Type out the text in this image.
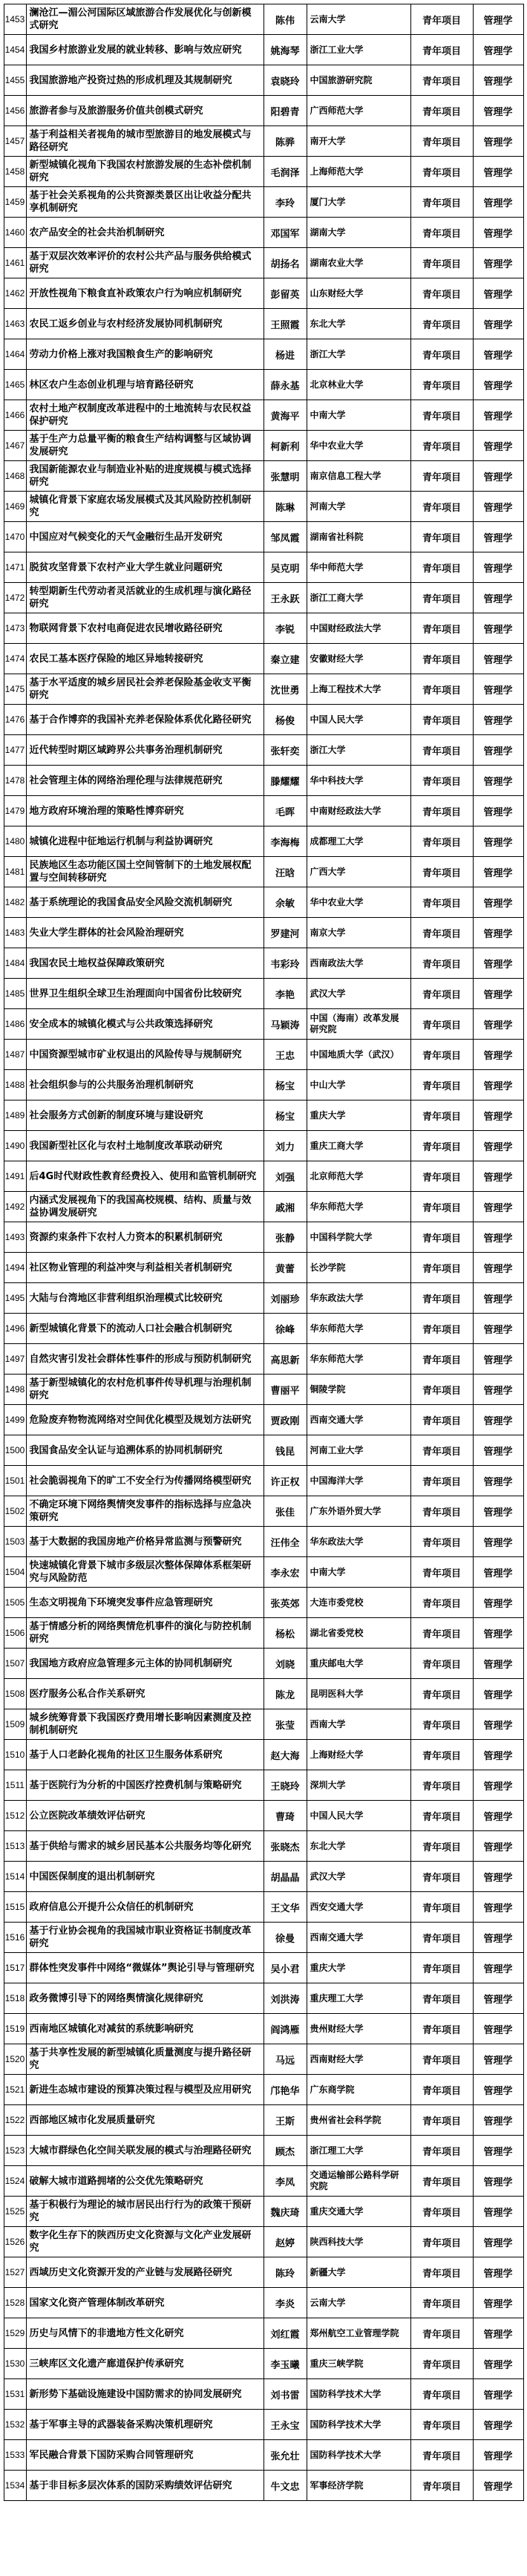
1453	澜沧江—湄公河国际区域旅游合作发展优化与创新模式研究	陈伟	云南大学	青年项目	管理学
1454	我国乡村旅游业发展的就业转移、影响与效应研究	姚海琴	浙江工业大学	青年项目	管理学
1455	我国旅游地产投资过热的形成机理及其规制研究	袁晓玲	中国旅游研究院	青年项目	管理学
1456	旅游者参与及旅游服务价值共创模式研究	阳碧青	广西师范大学	青年项目	管理学
1457	基于利益相关者视角的城市型旅游目的地发展模式与路径研究	陈骅	南开大学	青年项目	管理学
1458	新型城镇化视角下我国农村旅游发展的生态补偿机制研究	毛润泽	上海师范大学	青年项目	管理学
1459	基于社会关系视角的公共资源类景区出让收益分配共享机制研究	李玲	厦门大学	青年项目	管理学
1460	农产品安全的社会共治机制研究	邓国军	湖南大学	青年项目	管理学
1461	基于双层次效率评价的农村公共产品与服务供给模式研究	胡扬名	湖南农业大学	青年项目	管理学
1462	开放性视角下粮食直补政策农户行为响应机制研究	彭留英	山东财经大学	青年项目	管理学
1463	农民工返乡创业与农村经济发展协同机制研究	王照霞	东北大学	青年项目	管理学
1464	劳动力价格上涨对我国粮食生产的影响研究	杨进	浙江大学	青年项目	管理学
1465	林区农户生态创业机理与培育路径研究	薛永基	北京林业大学	青年项目	管理学
1466	农村土地产权制度改革进程中的土地流转与农民权益保护研究	黄海平	中南大学	青年项目	管理学
1467	基于生产力总量平衡的粮食生产结构调整与区域协调发展研究	柯新利	华中农业大学	青年项目	管理学
1468	我国新能源农业与制造业补贴的进度规模与模式选择研究	张慧明	南京信息工程大学	青年项目	管理学
1469	城镇化背景下家庭农场发展模式及其风险防控机制研究	陈琳	河南大学	青年项目	管理学
1470	中国应对气候变化的天气金融衍生品开发研究	邹凤霞	湖南省社科院	青年项目	管理学
1471	脱贫攻坚背景下农村产业大学生就业问题研究	吴克明	华中师范大学	青年项目	管理学
1472	转型期新生代劳动者灵活就业的生成机理与演化路径研究	王永跃	浙江工商大学	青年项目	管理学
1473	物联网背景下农村电商促进农民增收路径研究	李锐	中国财经政法大学	青年项目	管理学
1474	农民工基本医疗保险的地区异地转接研究	秦立建	安徽财经大学	青年项目	管理学
1475	基于水平适度的城乡居民社会养老保险基金收支平衡研究	沈世勇	上海工程技术大学	青年项目	管理学
1476	基于合作博弈的我国补充养老保险体系优化路径研究	杨俊	中国人民大学	青年项目	管理学
1477	近代转型时期区域跨界公共事务治理机制研究	张轩奕	浙江大学	青年项目	管理学
1478	社会管理主体的网络治理伦理与法律规范研究	滕耀耀	华中科技大学	青年项目	管理学
1479	地方政府环境治理的策略性博弈研究	毛晖	中南财经政法大学	青年项目	管理学
1480	城镇化进程中征地运行机制与利益协调研究	李海梅	成都理工大学	青年项目	管理学
1481	民族地区生态功能区国土空间管制下的土地发展权配置与空间转移研究	汪晗	广西大学	青年项目	管理学
1482	基于系统理论的我国食品安全风险交流机制研究	余敏	华中农业大学	青年项目	管理学
1483	失业大学生群体的社会风险治理研究	罗建河	南京大学	青年项目	管理学
1484	我国农民土地权益保障政策研究	韦彩玲	西南政法大学	青年项目	管理学
1485	世界卫生组织全球卫生治理面向中国省份比较研究	李艳	武汉大学	青年项目	管理学
1486	安全成本的城镇化模式与公共政策选择研究	马颖涛	中国（海南）改革发展研究院	青年项目	管理学
1487	中国资源型城市矿业权退出的风险传导与规制研究	王忠	中国地质大学（武汉）	青年项目	管理学
1488	社会组织参与的公共服务治理机制研究	杨宝	中山大学	青年项目	管理学
1489	社会服务方式创新的制度环境与建设研究	杨宝	重庆大学	青年项目	管理学
1490	我国新型社区化与农村土地制度改革联动研究	刘力	重庆工商大学	青年项目	管理学
1491	后4G时代财政性教育经费投入、使用和监管机制研究	刘强	北京师范大学	青年项目	管理学
1492	内涵式发展视角下的我国高校规模、结构、质量与效益协调发展研究	戚湘	华东师范大学	青年项目	管理学
1493	资源约束条件下农村人力资本的积累机制研究	张静	中国科学院大学	青年项目	管理学
1494	社区物业管理的利益冲突与利益相关者机制研究	黄蕾	长沙学院	青年项目	管理学
1495	大陆与台湾地区非营利组织治理模式比较研究	刘丽珍	华东政法大学	青年项目	管理学
1496	新型城镇化背景下的流动人口社会融合机制研究	徐峰	华东师范大学	青年项目	管理学
1497	自然灾害引发社会群体性事件的形成与预防机制研究	高思新	华东师范大学	青年项目	管理学
1498	基于新型城镇化的农村危机事件传导机理与治理机制研究	曹丽平	铜陵学院	青年项目	管理学
1499	危险废弃物物流网络对空间优化模型及规划方法研究	贾政刚	西南交通大学	青年项目	管理学
1500	我国食品安全认证与追溯体系的协同机制研究	钱昆	河南工业大学	青年项目	管理学
1501	社会脆弱视角下的旷工不安全行为传播网络模型研究	许正权	中国海洋大学	青年项目	管理学
1502	不确定环境下网络舆情突发事件的指标选择与应急决策研究	张佳	广东外语外贸大学	青年项目	管理学
1503	基于大数据的我国房地产价格异常监测与预警研究	汪伟全	华东政法大学	青年项目	管理学
1504	快速城镇化背景下城市多级层次整体保障体系框架研究与风险防范	李永宏	中南大学	青年项目	管理学
1505	生态文明视角下环境突发事件应急管理研究	张英郊	大连市委党校	青年项目	管理学
1506	基于情感分析的网络舆情危机事件的演化与防控机制研究	杨松	湖北省委党校	青年项目	管理学
1507	我国地方政府应急管理多元主体的协同机制研究	刘晓	重庆邮电大学	青年项目	管理学
1508	医疗服务公私合作关系研究	陈龙	昆明医科大学	青年项目	管理学
1509	城乡统筹背景下我国医疗费用增长影响因素测度及控制机制研究	张莹	西南大学	青年项目	管理学
1510	基于人口老龄化视角的社区卫生服务体系研究	赵大海	上海财经大学	青年项目	管理学
1511	基于医院行为分析的中国医疗控费机制与策略研究	王晓玲	深圳大学	青年项目	管理学
1512	公立医院改革绩效评估研究	曹琦	中国人民大学	青年项目	管理学
1513	基于供给与需求的城乡居民基本公共服务均等化研究	张晓杰	东北大学	青年项目	管理学
1514	中国医保制度的退出机制研究	胡晶晶	武汉大学	青年项目	管理学
1515	政府信息公开提升公众信任的机制研究	王文华	西安交通大学	青年项目	管理学
1516	基于行业协会视角的我国城市职业资格证书制度改革研究	徐曼	西南交通大学	青年项目	管理学
1517	群体性突发事件中网络“微媒体”舆论引导与管理研究	吴小君	重庆大学	青年项目	管理学
1518	政务微博引导下的网络舆情演化规律研究	刘洪涛	重庆理工大学	青年项目	管理学
1519	西南地区城镇化对减贫的系统影响研究	阎鸿雁	贵州财经大学	青年项目	管理学
1520	基于共享性发展的新型城镇化质量测度与提升路径研究	马远	西南财经大学	青年项目	管理学
1521	新进生态城市建设的预算决策过程与模型及应用研究	邝艳华	广东商学院	青年项目	管理学
1522	西部地区城市化发展质量研究	王斯	贵州省社会科学院	青年项目	管理学
1523	大城市群绿色化空间关联发展的模式与治理路径研究	顾杰	浙江理工大学	青年项目	管理学
1524	破解大城市道路拥堵的公交优先策略研究	李凤	交通运输部公路科学研究院	青年项目	管理学
1525	基于积极行为理论的城市居民出行行为的政策干预研究	魏庆琦	重庆交通大学	青年项目	管理学
1526	数字化生存下的陕西历史文化资源与文化产业发展研究	赵婷	陕西科技大学	青年项目	管理学
1527	西域历史文化资源开发的产业链与发展路径研究	陈玲	新疆大学	青年项目	管理学
1528	国家文化资产管理体制改革研究	李炎	云南大学	青年项目	管理学
1529	历史与风情下的非遗地方性文化研究	刘红霞	郑州航空工业管理学院	青年项目	管理学
1530	三峡库区文化遗产廊道保护传承研究	李玉曦	重庆三峡学院	青年项目	管理学
1531	新形势下基础设施建设中国防需求的协同发展研究	刘书雷	国防科学技术大学	青年项目	管理学
1532	基于军事主导的武器装备采购决策机理研究	王永宝	国防科学技术大学	青年项目	管理学
1533	军民融合背景下国防采购合同管理研究	张允壮	国防科学技术大学	青年项目	管理学
1534	基于非目标多层次体系的国防采购绩效评估研究	牛文忠	军事经济学院	青年项目	管理学
